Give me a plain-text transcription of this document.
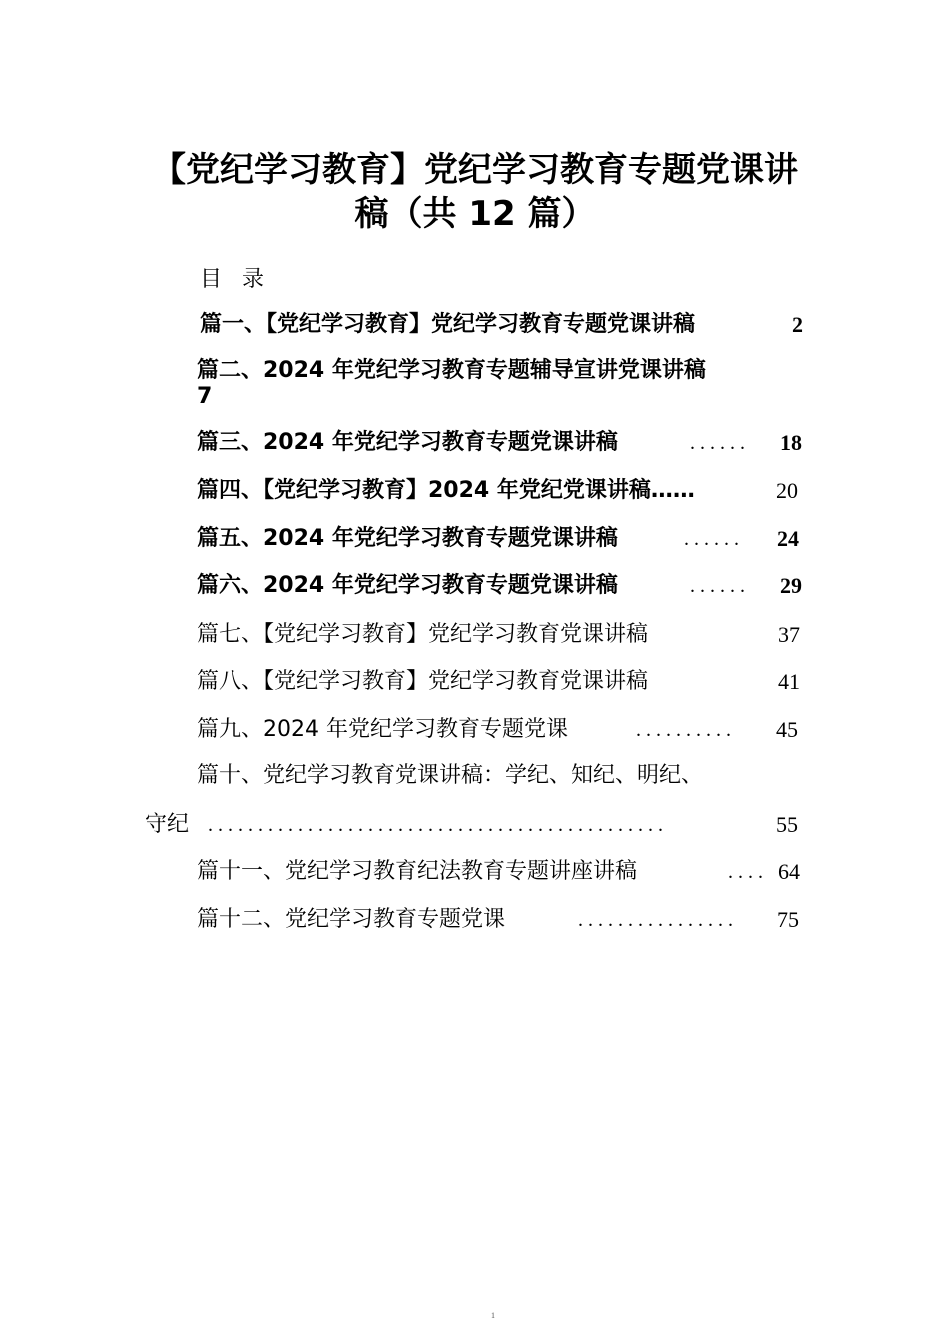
【党纪学习教育】党纪学习教育专题党课讲
稿（共 12 篇）
目录
篇一、【党纪学习教育】党纪学习教育专题党课讲稿	2
篇二、2024 年党纪学习教育专题辅导宣讲党课讲稿
7
篇三、2024 年党纪学习教育专题党课讲稿	......	18
篇四、【党纪学习教育】2024 年党纪党课讲稿……	20
篇五、2024 年党纪学习教育专题党课讲稿	......	24
篇六、2024 年党纪学习教育专题党课讲稿	......	29
篇七、【党纪学习教育】党纪学习教育党课讲稿	37
篇八、【党纪学习教育】党纪学习教育党课讲稿	41
篇九、2024 年党纪学习教育专题党课	..........	45
篇十、党纪学习教育党课讲稿：学纪、知纪、明纪、
守纪 ..............................................	55
篇十一、党纪学习教育纪法教育专题讲座讲稿	.... 64
篇十二、党纪学习教育专题党课	................	75
1
